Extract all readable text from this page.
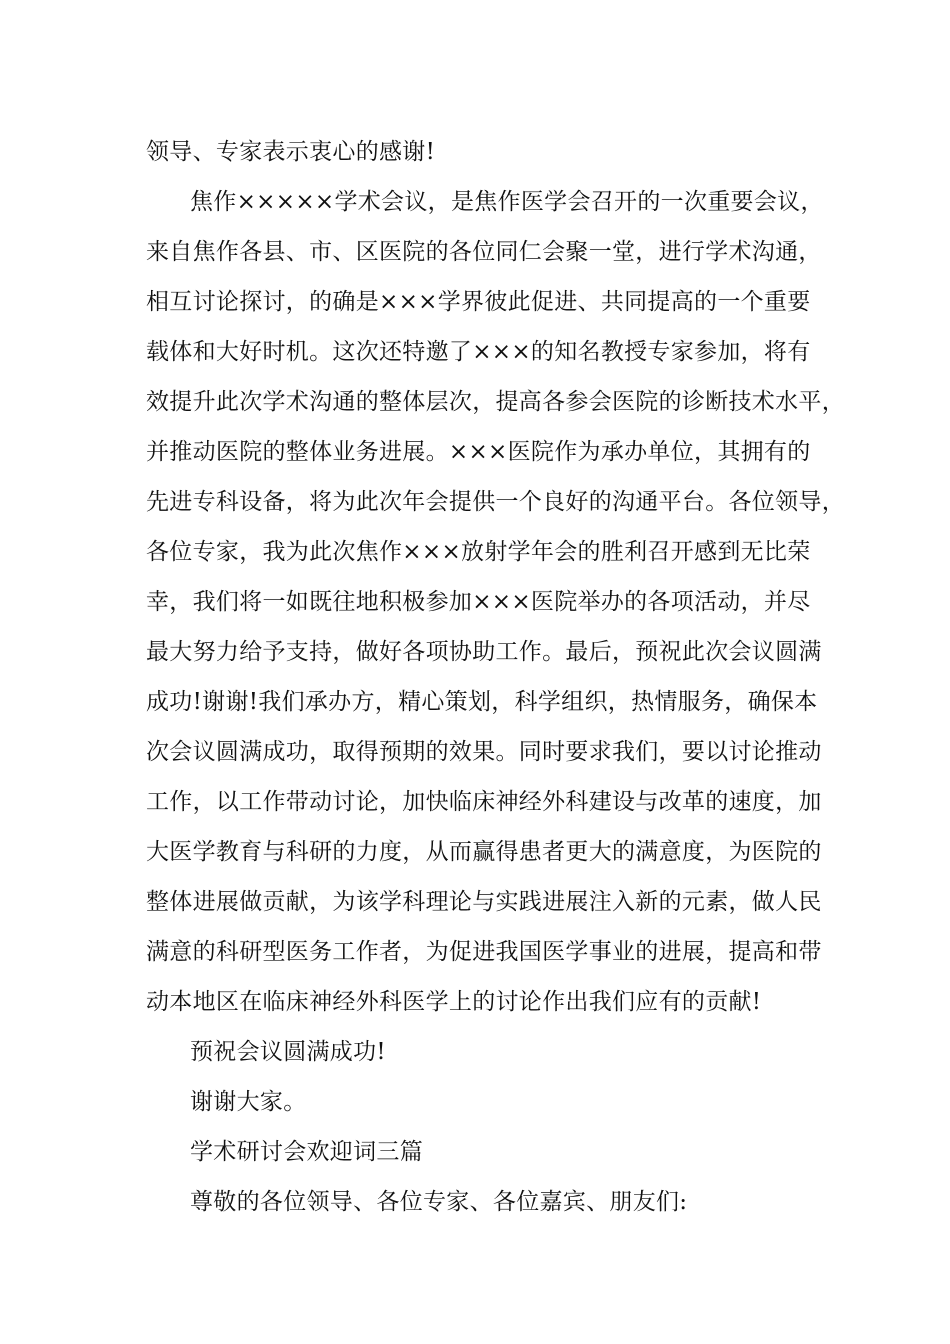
领导、专家表示衷心的感谢!
焦作×××××学术会议，是焦作医学会召开的一次重要会议，
来自焦作各县、市、区医院的各位同仁会聚一堂，进行学术沟通，
相互讨论探讨，的确是×××学界彼此促进、共同提高的一个重要
载体和大好时机。这次还特邀了×××的知名教授专家参加，将有
效提升此次学术沟通的整体层次，提高各参会医院的诊断技术水平，
并推动医院的整体业务进展。×××医院作为承办单位，其拥有的
先进专科设备，将为此次年会提供一个良好的沟通平台。各位领导，
各位专家，我为此次焦作×××放射学年会的胜利召开感到无比荣
幸，我们将一如既往地积极参加×××医院举办的各项活动，并尽
最大努力给予支持，做好各项协助工作。最后，预祝此次会议圆满
成功!谢谢!我们承办方，精心策划，科学组织，热情服务，确保本
次会议圆满成功，取得预期的效果。同时要求我们，要以讨论推动
工作，以工作带动讨论，加快临床神经外科建设与改革的速度，加
大医学教育与科研的力度，从而赢得患者更大的满意度，为医院的
整体进展做贡献，为该学科理论与实践进展注入新的元素，做人民
满意的科研型医务工作者，为促进我国医学事业的进展，提高和带
动本地区在临床神经外科医学上的讨论作出我们应有的贡献!
预祝会议圆满成功!
谢谢大家。
学术研讨会欢迎词三篇
尊敬的各位领导、各位专家、各位嘉宾、朋友们:
